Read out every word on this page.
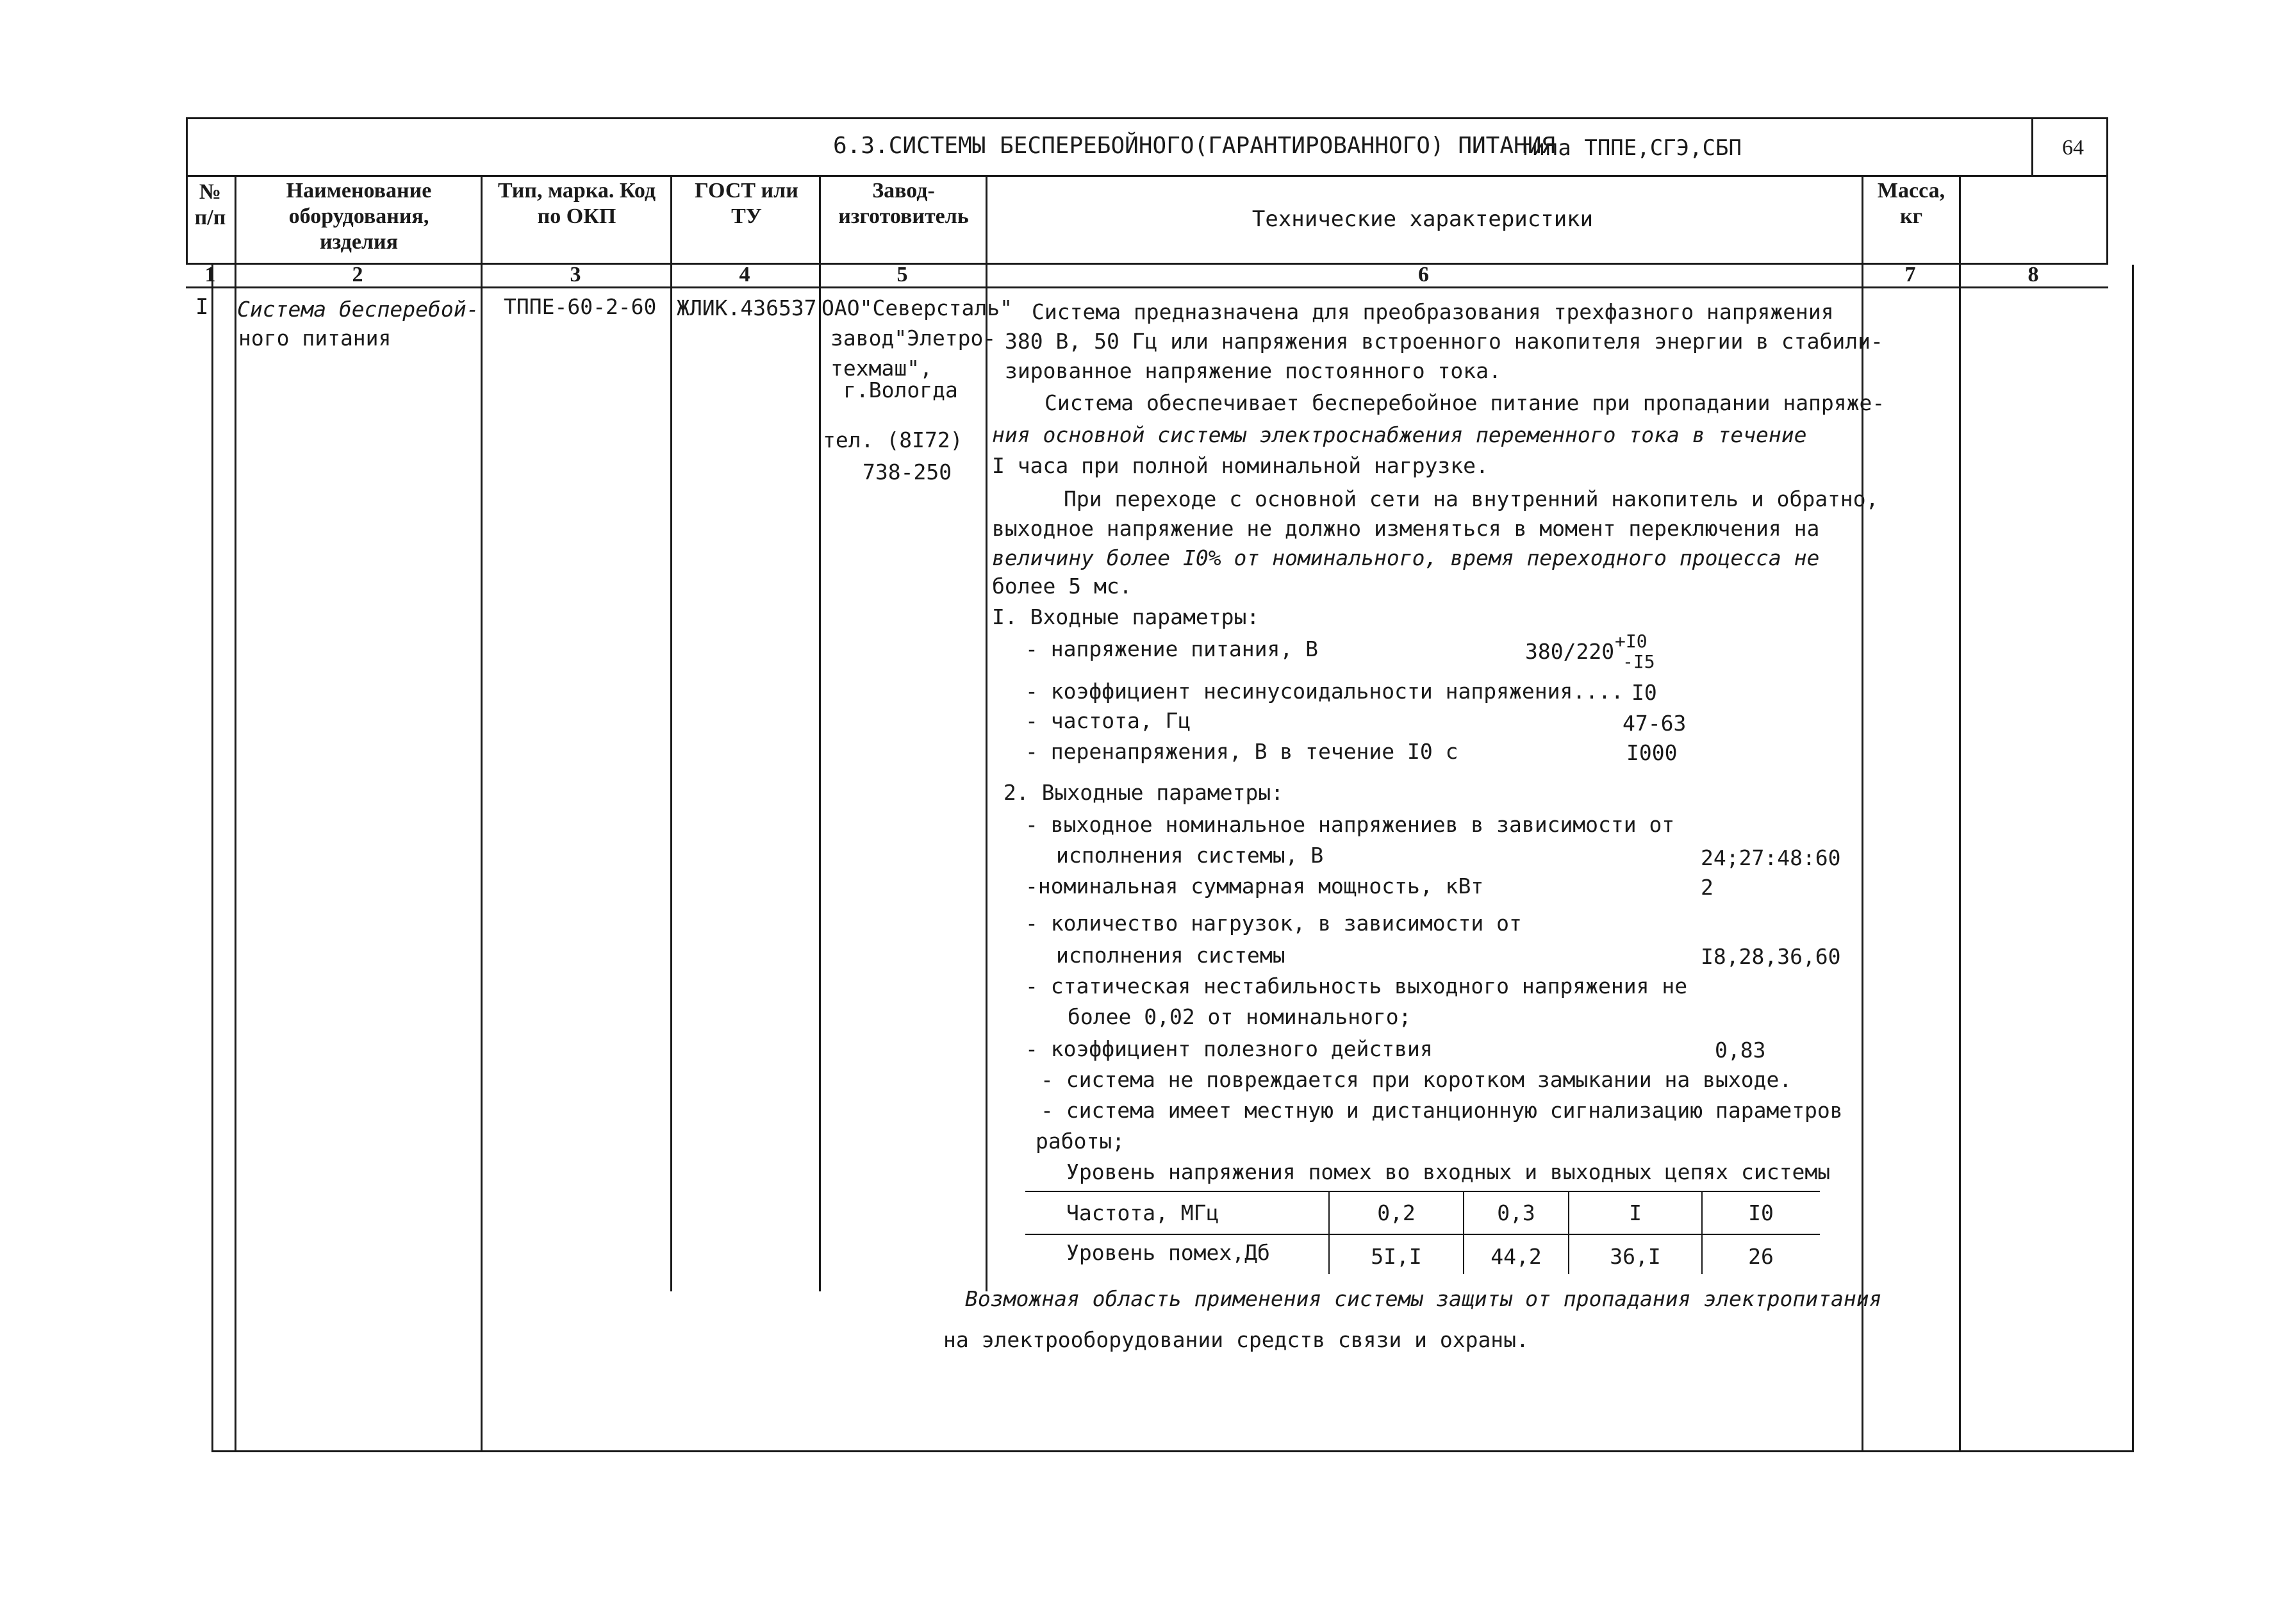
6.3.СИСТЕМЫ БЕСПЕРЕБОЙНОГО(ГАРАНТИРОВАННОГО) ПИТАНИЯ
типа ТППЕ,СГЭ,СБП	64
№
п/п
Наименование оборудования, изделия
Тип, марка. Код по ОКП
ГОСТ или ТУ
Завод-изготовитель	Технические характеристики
Масса, кг
1	2	3	4	5	6	7	8
I Система бесперебой-
ного питания
ТППЕ-60-2-60 ЖЛИК.436537 ОАО"Северсталь"
завод"Элетро-
техмаш",
г.Вологда
тел. (8I72)
738-250
Система предназначена для преобразования трехфазного напряжения
380 В, 50 Гц или напряжения встроенного накопителя энергии в стабили-
зированное напряжение постоянного тока.
Система обеспечивает бесперебойное питание при пропадании напряже-
ния основной системы электроснабжения переменного тока в течение
I часа при полной номинальной нагрузке.
При переходе с основной сети на внутренний накопитель и обратно,
выходное напряжение не должно изменяться в момент переключения на
величину более I0% от номинального, время переходного процесса не
более 5 мс.
I. Входные параметры:
- напряжение питания, В	380/220 +I0
-I5
- коэффициент несинусоидальности напряжения.... I0
- частота, Гц	47-63
- перенапряжения, В в течение I0 с	I000
2. Выходные параметры:
- выходное номинальное напряжениев в зависимости от
исполнения системы, В	24;27:48:60
-номинальная суммарная мощность, кВт	2
- количество нагрузок, в зависимости от
исполнения системы	I8,28,36,60
- статическая нестабильность выходного напряжения не
более 0,02 от номинального;
- коэффициент полезного действия	0,83
- система не повреждается при коротком замыкании на выходе.
- система имеет местную и дистанционную сигнализацию параметров
работы;
Уровень напряжения помех во входных и выходных цепях системы
Частота, МГц	0,2	0,3	I	I0
Уровень помех,Дб	5I,I	44,2	36,I	26
Возможная область применения системы защиты от пропадания электропитания
на электрооборудовании средств связи и охраны.
